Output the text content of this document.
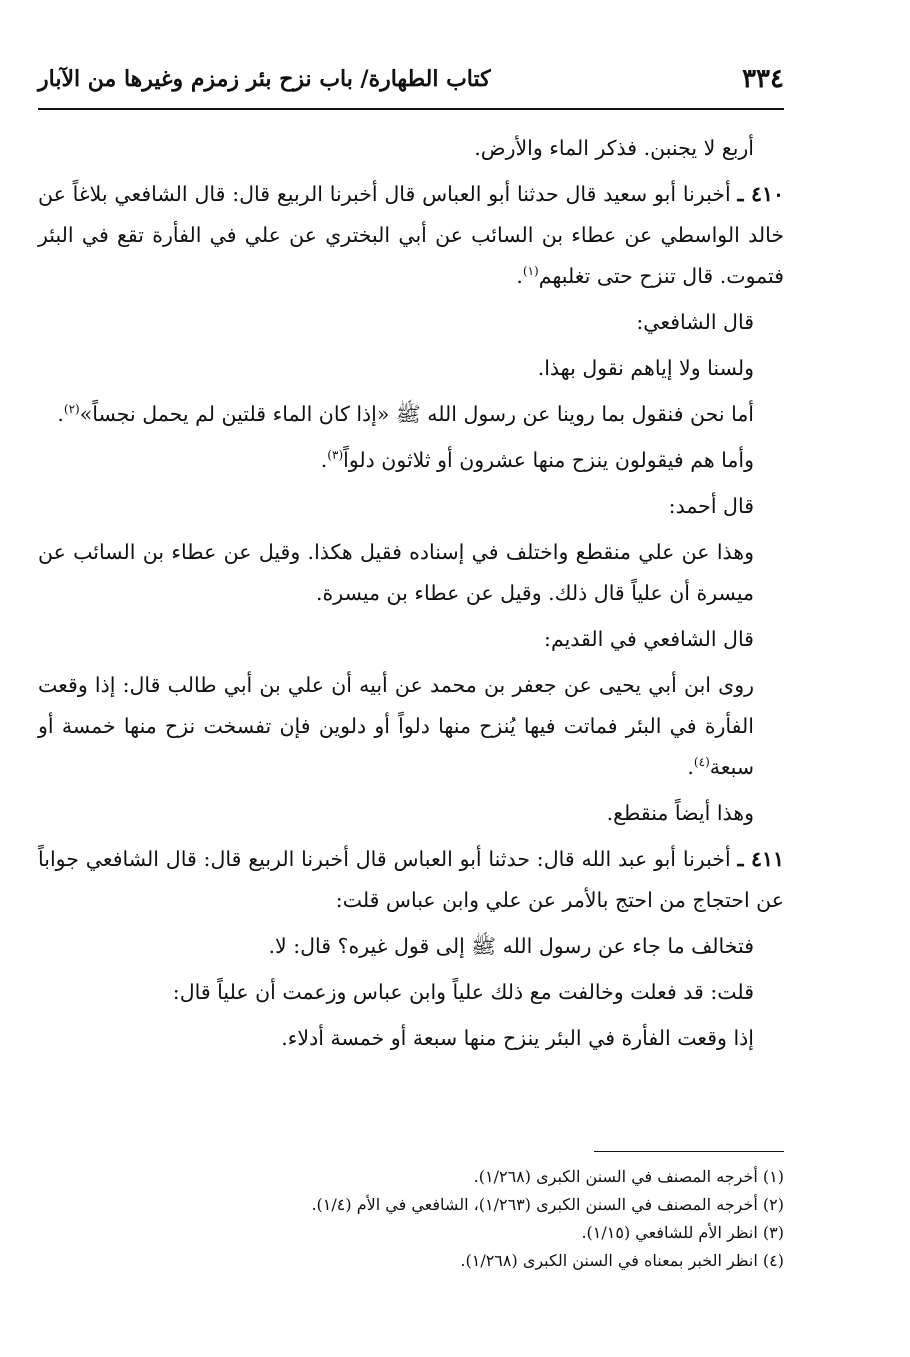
٣٣٤
كتاب الطهارة/ باب نزح بئر زمزم وغيرها من الآبار

أربع لا يجنبن. فذكر الماء والأرض.

٤١٠ ـ أخبرنا أبو سعيد قال حدثنا أبو العباس قال أخبرنا الربيع قال: قال الشافعي بلاغاً عن خالد الواسطي عن عطاء بن السائب عن أبي البختري عن علي في الفأرة تقع في البئر فتموت. قال تنزح حتى تغلبهم$^{(١)}$.

قال الشافعي:

ولسنا ولا إياهم نقول بهذا.

أما نحن فنقول بما روينا عن رسول الله ﷺ «إذا كان الماء قلتين لم يحمل نجساً»$^{(٢)}$.

وأما هم فيقولون ينزح منها عشرون أو ثلاثون دلواً$^{(٣)}$.

قال أحمد:

وهذا عن علي منقطع واختلف في إسناده فقيل هكذا. وقيل عن عطاء بن السائب عن ميسرة أن علياً قال ذلك. وقيل عن عطاء بن ميسرة.

قال الشافعي في القديم:

روى ابن أبي يحيى عن جعفر بن محمد عن أبيه أن علي بن أبي طالب قال: إذا وقعت الفأرة في البئر فماتت فيها يُنزح منها دلواً أو دلوين فإن تفسخت نزح منها خمسة أو سبعة$^{(٤)}$.

وهذا أيضاً منقطع.

٤١١ ـ أخبرنا أبو عبد الله قال: حدثنا أبو العباس قال أخبرنا الربيع قال: قال الشافعي جواباً عن احتجاج من احتج بالأمر عن علي وابن عباس قلت:

فتخالف ما جاء عن رسول الله ﷺ إلى قول غيره؟ قال: لا.

قلت: قد فعلت وخالفت مع ذلك علياً وابن عباس وزعمت أن علياً قال:

إذا وقعت الفأرة في البئر ينزح منها سبعة أو خمسة أدلاء.

(١) أخرجه المصنف في السنن الكبرى (١/٢٦٨).

(٢) أخرجه المصنف في السنن الكبرى (١/٢٦٣)، الشافعي في الأم (١/٤).

(٣) انظر الأم للشافعي (١/١٥).

(٤) انظر الخبر بمعناه في السنن الكبرى (١/٢٦٨).
